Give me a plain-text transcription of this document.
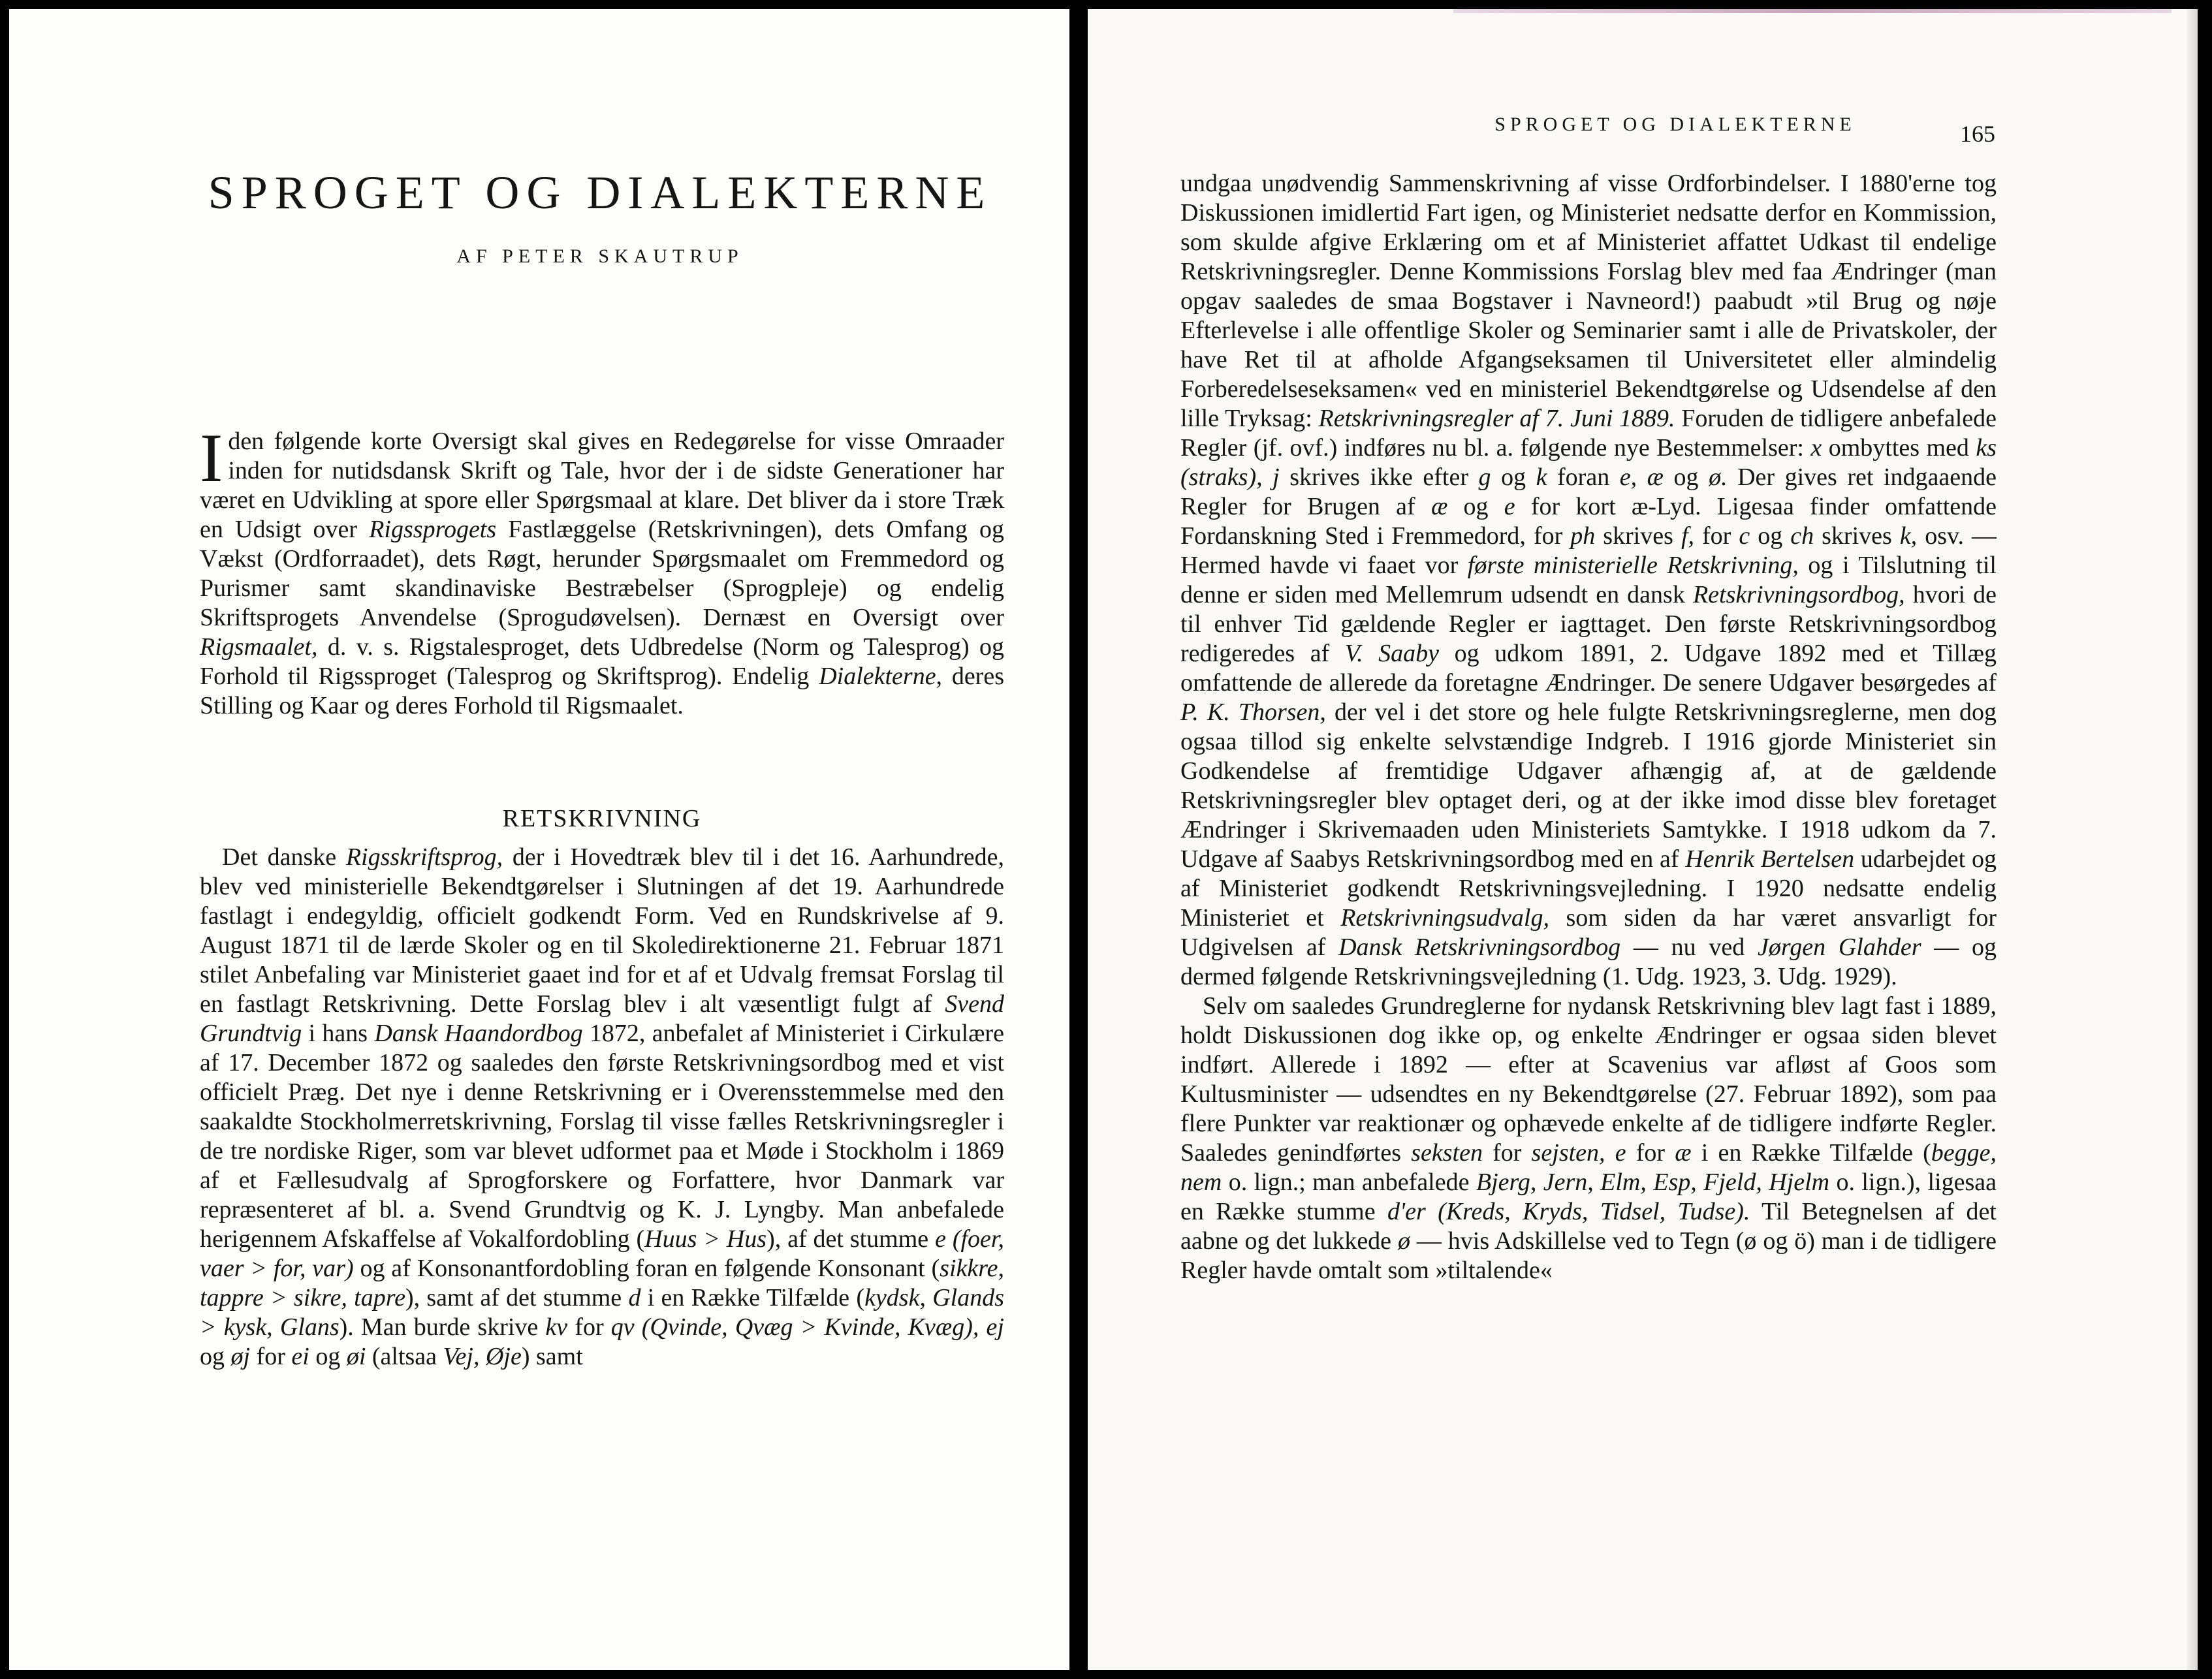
SPROGET OG DIALEKTERNE
AF PETER SKAUTRUP
I den følgende korte Oversigt skal gives en Redegørelse for visse Omraader inden for nutidsdansk Skrift og Tale, hvor der i de sidste Generationer har været en Udvikling at spore eller Spørgsmaal at klare. Det bliver da i store Træk en Udsigt over Rigssprogets Fastlæggelse (Retskrivningen), dets Omfang og Vækst (Ordforraadet), dets Røgt, herunder Spørgsmaalet om Fremmedord og Purismer samt skandinaviske Bestræbelser (Sprogpleje) og endelig Skriftsprogets Anvendelse (Sprogudøvelsen). Dernæst en Oversigt over Rigsmaalet, d. v. s. Rigstalesproget, dets Udbredelse (Norm og Talesprog) og Forhold til Rigssproget (Talesprog og Skriftsprog). Endelig Dialekterne, deres Stilling og Kaar og deres Forhold til Rigsmaalet.
RETSKRIVNING

Det danske Rigsskriftsprog, der i Hovedtræk blev til i det 16. Aarhundrede, blev ved ministerielle Bekendtgørelser i Slutningen af det 19. Aarhundrede fastlagt i endegyldig, officielt godkendt Form. Ved en Rundskrivelse af 9. August 1871 til de lærde Skoler og en til Skoledirektionerne 21. Februar 1871 stilet Anbefaling var Ministeriet gaaet ind for et af et Udvalg fremsat Forslag til en fastlagt Retskrivning. Dette Forslag blev i alt væsentligt fulgt af Svend Grundtvig i hans Dansk Haandordbog 1872, anbefalet af Ministeriet i Cirkulære af 17. December 1872 og saaledes den første Retskrivningsordbog med et vist officielt Præg. Det nye i denne Retskrivning er i Overensstemmelse med den saakaldte Stockholmerretskrivning, Forslag til visse fælles Retskrivningsregler i de tre nordiske Riger, som var blevet udformet paa et Møde i Stockholm i 1869 af et Fællesudvalg af Sprogforskere og Forfattere, hvor Danmark var repræsenteret af bl. a. Svend Grundtvig og K. J. Lyngby. Man anbefalede herigennem Afskaffelse af Vokalfordobling (Huus > Hus), af det stumme e (foer, vaer > for, var) og af Konsonantfordobling foran en følgende Konsonant (sikkre, tappre > sikre, tapre), samt af det stumme d i en Række Tilfælde (kydsk, Glands > kysk, Glans). Man burde skrive kv for qv (Qvinde, Qvæg > Kvinde, Kvæg), ej og øj for ei og øi (altsaa Vej, Øje) samt

SPROGET OG DIALEKTERNE	165

undgaa unødvendig Sammenskrivning af visse Ordforbindelser. I 1880'erne tog Diskussionen imidlertid Fart igen, og Ministeriet nedsatte derfor en Kommission, som skulde afgive Erklæring om et af Ministeriet affattet Udkast til endelige Retskrivningsregler. Denne Kommissions Forslag blev med faa Ændringer (man opgav saaledes de smaa Bogstaver i Navneord!) paabudt »til Brug og nøje Efterlevelse i alle offentlige Skoler og Seminarier samt i alle de Privatskoler, der have Ret til at afholde Afgangseksamen til Universitetet eller almindelig Forberedelseseksamen« ved en ministeriel Bekendtgørelse og Udsendelse af den lille Tryksag: Retskrivningsregler af 7. Juni 1889. Foruden de tidligere anbefalede Regler (jf. ovf.) indføres nu bl. a. følgende nye Bestemmelser: x ombyttes med ks (straks), j skrives ikke efter g og k foran e, æ og ø. Der gives ret indgaaende Regler for Brugen af æ og e for kort æ-Lyd. Ligesaa finder omfattende Fordanskning Sted i Fremmedord, for ph skrives f, for c og ch skrives k, osv. — Hermed havde vi faaet vor første ministerielle Retskrivning, og i Tilslutning til denne er siden med Mellemrum udsendt en dansk Retskrivningsordbog, hvori de til enhver Tid gældende Regler er iagttaget. Den første Retskrivningsordbog redigeredes af V. Saaby og udkom 1891, 2. Udgave 1892 med et Tillæg omfattende de allerede da foretagne Ændringer. De senere Udgaver besørgedes af P. K. Thorsen, der vel i det store og hele fulgte Retskrivningsreglerne, men dog ogsaa tillod sig enkelte selvstændige Indgreb. I 1916 gjorde Ministeriet sin Godkendelse af fremtidige Udgaver afhængig af, at de gældende Retskrivningsregler blev optaget deri, og at der ikke imod disse blev foretaget Ændringer i Skrivemaaden uden Ministeriets Samtykke. I 1918 udkom da 7. Udgave af Saabys Retskrivningsordbog med en af Henrik Bertelsen udarbejdet og af Ministeriet godkendt Retskrivningsvejledning. I 1920 nedsatte endelig Ministeriet et Retskrivningsudvalg, som siden da har været ansvarligt for Udgivelsen af Dansk Retskrivningsordbog — nu ved Jørgen Glahder — og dermed følgende Retskrivningsvejledning (1. Udg. 1923, 3. Udg. 1929).

Selv om saaledes Grundreglerne for nydansk Retskrivning blev lagt fast i 1889, holdt Diskussionen dog ikke op, og enkelte Ændringer er ogsaa siden blevet indført. Allerede i 1892 — efter at Scavenius var afløst af Goos som Kultusminister — udsendtes en ny Bekendtgørelse (27. Februar 1892), som paa flere Punkter var reaktionær og ophævede enkelte af de tidligere indførte Regler. Saaledes genindførtes seksten for sejsten, e for æ i en Række Tilfælde (begge, nem o. lign.; man anbefalede Bjerg, Jern, Elm, Esp, Fjeld, Hjelm o. lign.), ligesaa en Række stumme d'er (Kreds, Kryds, Tidsel, Tudse). Til Betegnelsen af det aabne og det lukkede ø — hvis Adskillelse ved to Tegn (ø og ö) man i de tidligere Regler havde omtalt som »tiltalende«
